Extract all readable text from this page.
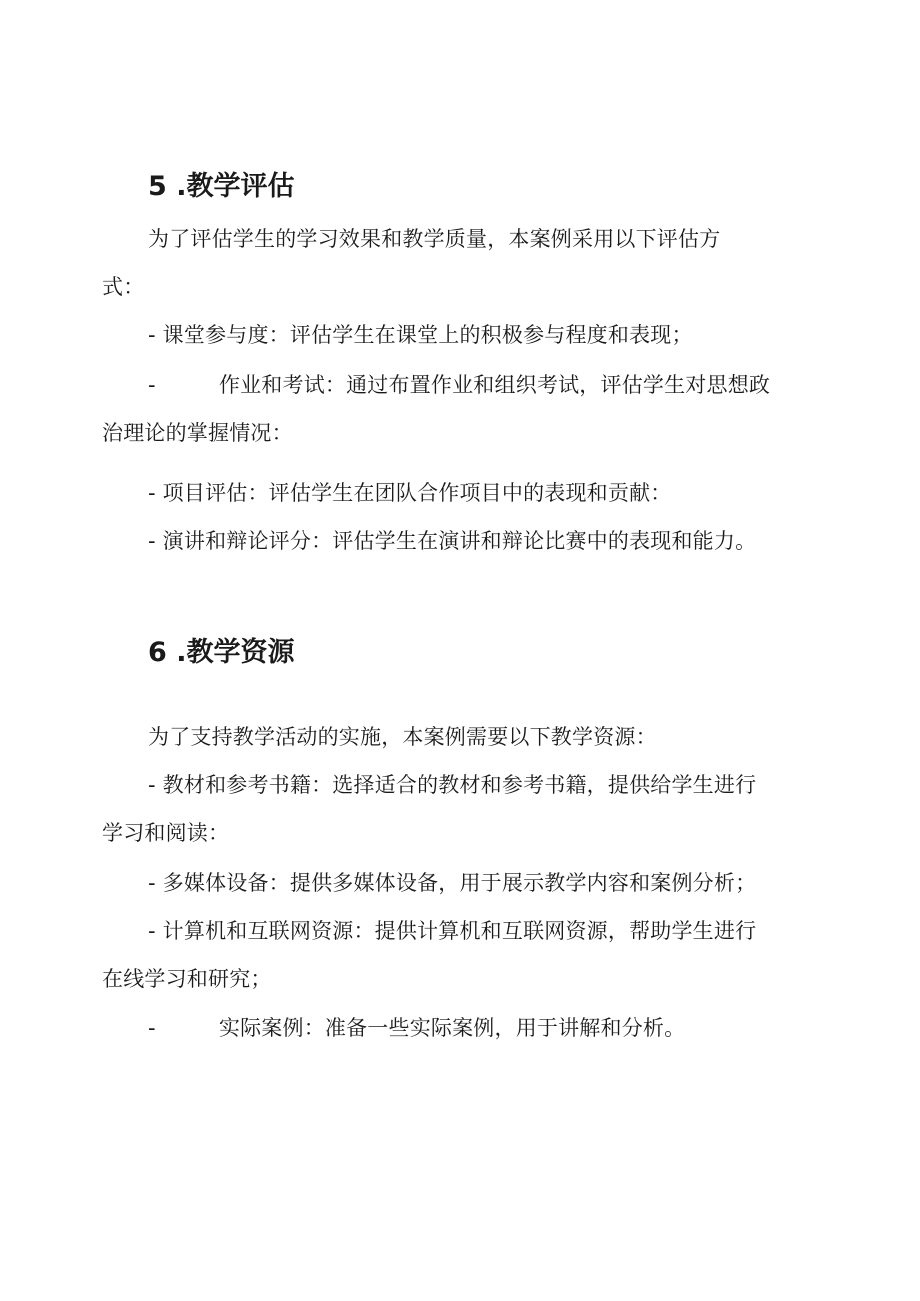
5 .教学评估
为了评估学生的学习效果和教学质量，本案例采用以下评估方
式：
- 课堂参与度：评估学生在课堂上的积极参与程度和表现；
-	作业和考试：通过布置作业和组织考试，评估学生对思想政
治理论的掌握情况：
- 项目评估：评估学生在团队合作项目中的表现和贡献：
- 演讲和辩论评分：评估学生在演讲和辩论比赛中的表现和能力。
6 .教学资源
为了支持教学活动的实施，本案例需要以下教学资源：
- 教材和参考书籍：选择适合的教材和参考书籍，提供给学生进行
学习和阅读：
- 多媒体设备：提供多媒体设备，用于展示教学内容和案例分析；
- 计算机和互联网资源：提供计算机和互联网资源，帮助学生进行
在线学习和研究；
-	实际案例：准备一些实际案例，用于讲解和分析。
